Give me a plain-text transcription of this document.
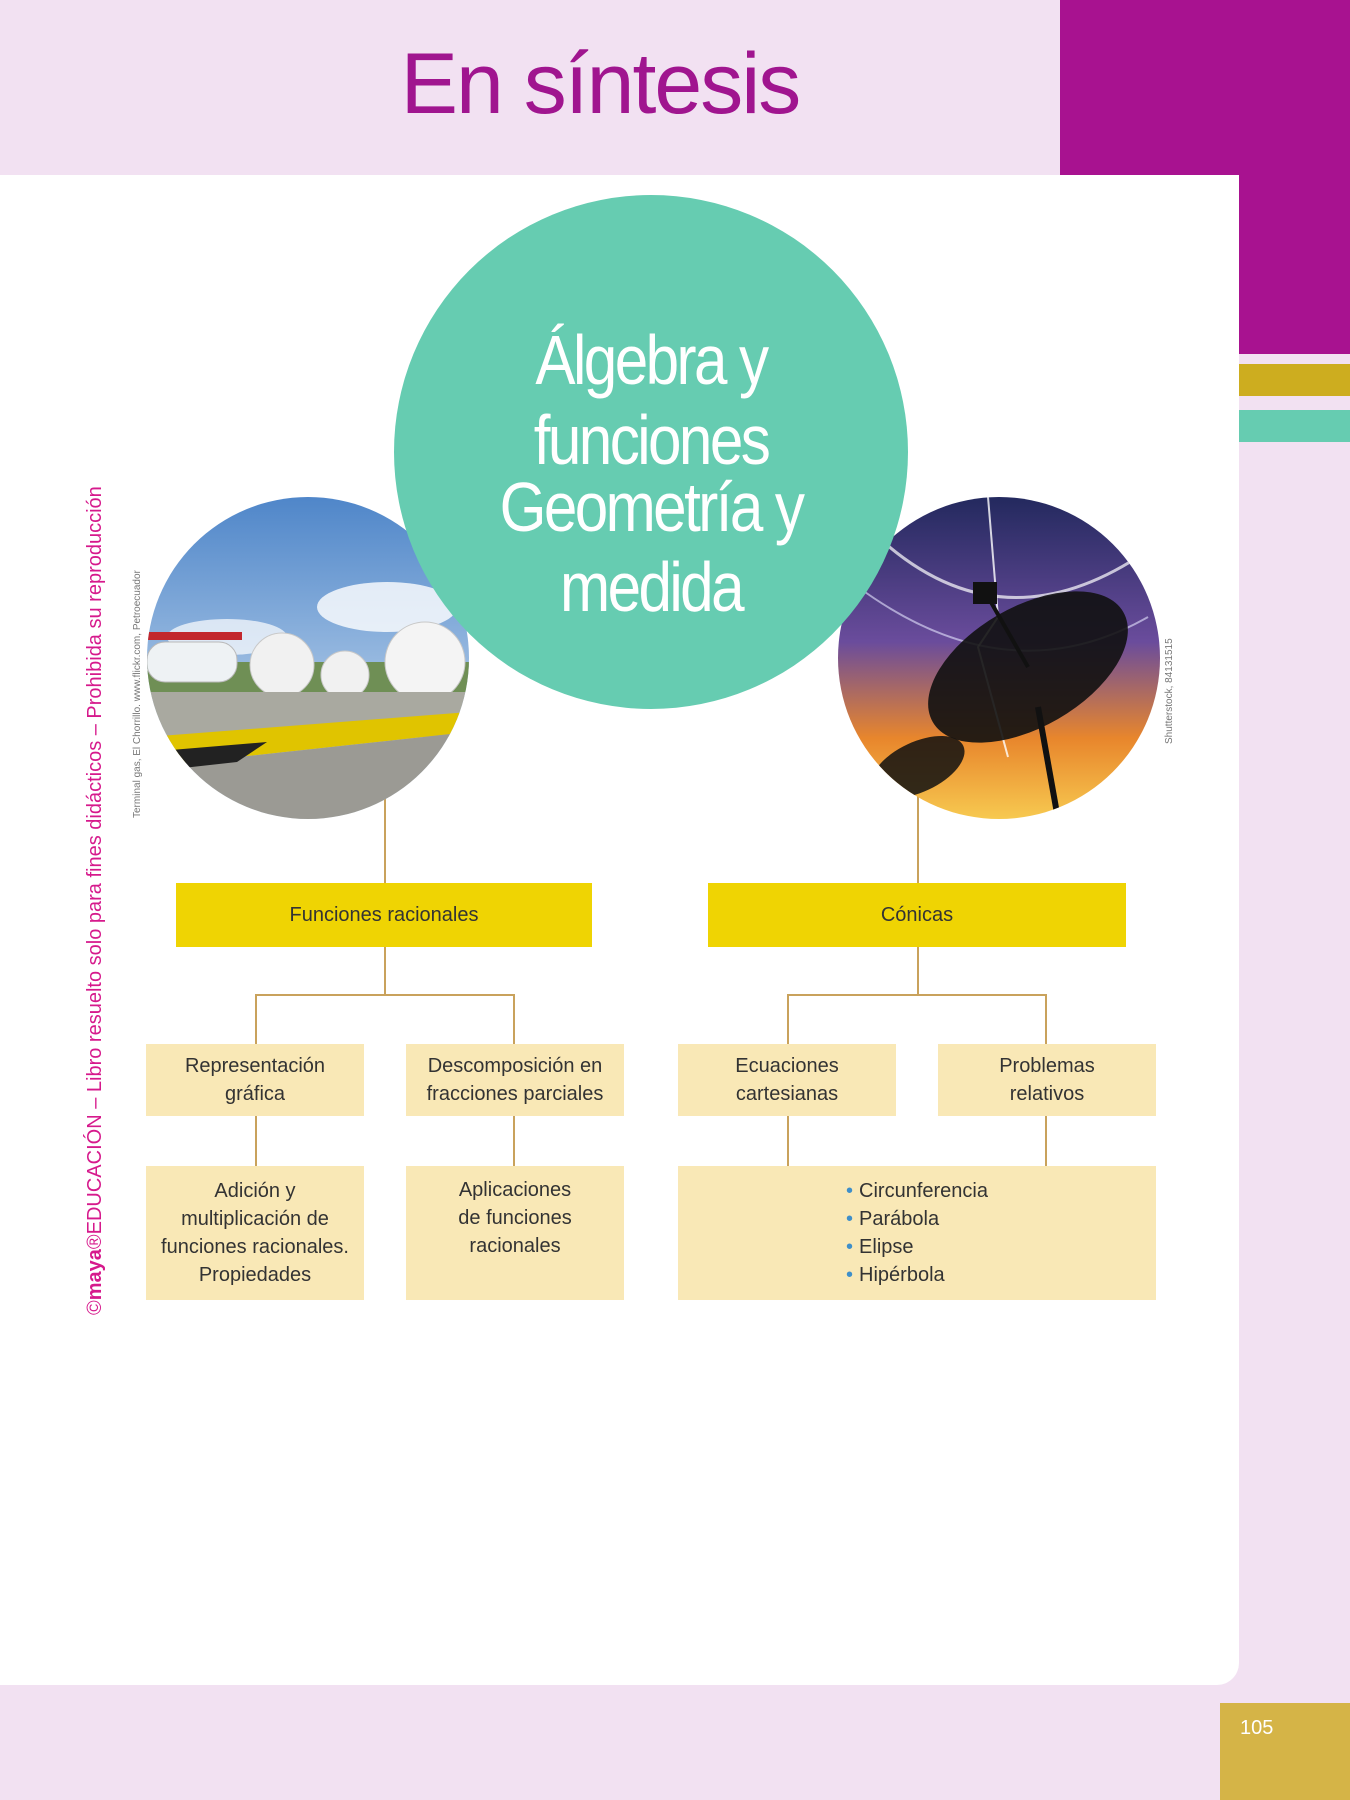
En síntesis
©maya®EDUCACIÓN – Libro resuelto solo para fines didácticos – Prohibida su reproducción	Terminal gas, El Chorrillo. www.flickr.com, Petroecuador	Shutterstock, 84131515
Álgebra y funciones
Geometría y medida
Funciones racionales
Representación
gráfica
Descomposición en
fracciones parciales
Adición y
multiplicación de
funciones racionales.
Propiedades
Aplicaciones
de funciones
racionales
Cónicas
Ecuaciones
cartesianas
Problemas
relativos
• Circunferencia
• Parábola
• Elipse
• Hipérbola
105
